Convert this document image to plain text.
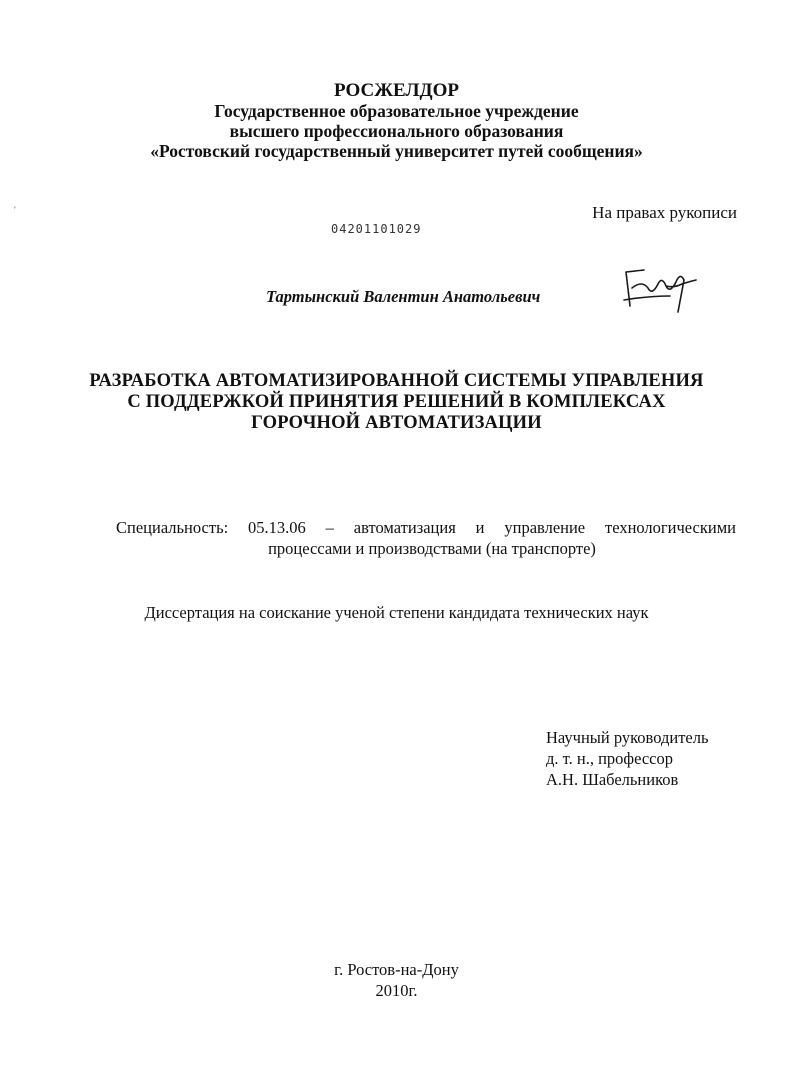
РОСЖЕЛДОР
Государственное образовательное учреждение
высшего профессионального образования
«Ростовский государственный университет путей сообщения»
′	На правах рукописи
04201101029
Тартынский Валентин Анатольевич
РАЗРАБОТКА АВТОМАТИЗИРОВАННОЙ СИСТЕМЫ УПРАВЛЕНИЯ
С ПОДДЕРЖКОЙ ПРИНЯТИЯ РЕШЕНИЙ В КОМПЛЕКСАХ
ГОРОЧНОЙ АВТОМАТИЗАЦИИ
Специальность: 05.13.06 – автоматизация и управление технологическими
процессами и производствами (на транспорте)
Диссертация на соискание ученой степени кандидата технических наук
Научный руководитель
д. т. н., профессор
А.Н. Шабельников
г. Ростов-на-Дону
2010г.
